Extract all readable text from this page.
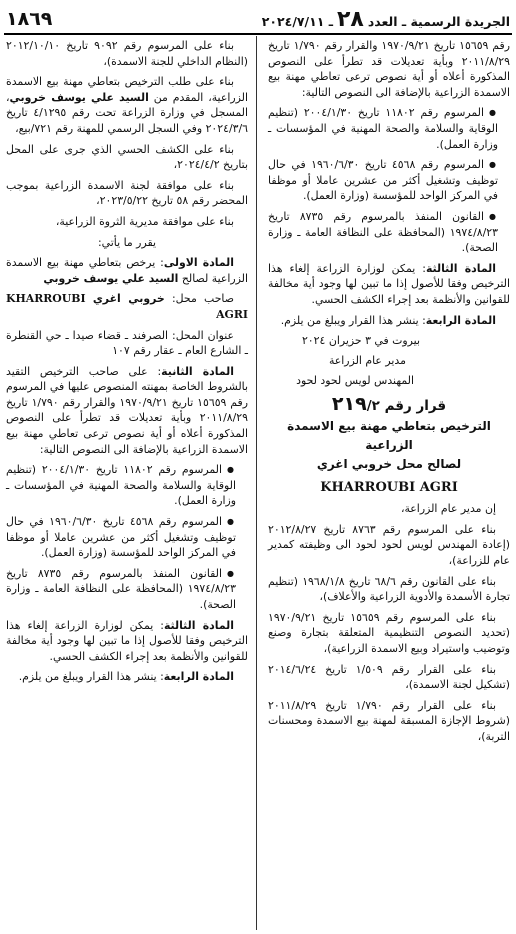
الجريدة الرسمية ـ العدد
٢٨
ـ ٢٠٢٤/٧/١١
١٨٦٩

رقم ١٥٦٥٩ تاريخ ١٩٧٠/٩/٢١ والقرار رقم ١/٧٩٠ تاريخ ٢٠١١/٨/٢٩ وبأية تعديلات قد تطرأ على النصوص المذكورة أعلاه أو أية نصوص ترعى تعاطي مهنة بيع الاسمدة الزراعية بالإضافة الى النصوص التالية:

● المرسوم رقم ١١٨٠٢ تاريخ ٢٠٠٤/١/٣٠ (تنظيم الوقاية والسلامة والصحة المهنية في المؤسسات ـ وزارة العمل).

● المرسوم رقم ٤٥٦٨ تاريخ ١٩٦٠/٦/٣٠ في حال توظيف وتشغيل أكثر من عشرين عاملا أو موظفا في المركز الواحد للمؤسسة (وزارة العمل).

● القانون المنفذ بالمرسوم رقم ٨٧٣٥ تاريخ ١٩٧٤/٨/٢٣ (المحافظة على النظافة العامة ـ وزارة الصحة).

المادة الثالثة: يمكن لوزارة الزراعة إلغاء هذا الترخيص وفقا للأصول إذا ما تبين لها وجود أية مخالفة للقوانين والأنظمة بعد إجراء الكشف الحسي.

المادة الرابعة: ينشر هذا القرار ويبلغ من يلزم.

بيروت في ٣ حزيران ٢٠٢٤

مدير عام الزراعة

المهندس لويس لحود لحود

قرار رقم ٢١٩/٢
الترخيص بتعاطي مهنة بيع الاسمدة الزراعية
لصالح محل خروبي اغري
KHARROUBI AGRI

إن مدير عام الزراعة،

بناء على المرسوم رقم ٨٧٦٣ تاريخ ٢٠١٢/٨/٢٧ (إعادة المهندس لويس لحود لحود الى وظيفته كمدير عام للزراعة)،

بناء على القانون رقم ٦٨/٦ تاريخ ١٩٦٨/١/٨ (تنظيم تجارة الأسمدة والأدوية الزراعية والأعلاف)،

بناء على المرسوم رقم ١٥٦٥٩ تاريخ ١٩٧٠/٩/٢١ (تحديد النصوص التنظيمية المتعلقة بتجارة وصنع وتوضيب واستيراد وبيع الاسمدة الزراعية)،

بناء على القرار رقم ١/٥٠٩ تاريخ ٢٠١٤/٦/٢٤ (تشكيل لجنة الاسمدة)،

بناء على القرار رقم ١/٧٩٠ تاريخ ٢٠١١/٨/٢٩ (شروط الإجازة المسبقة لمهنة بيع الاسمدة ومحسنات التربة)،

بناء على المرسوم رقم ٩٠٩٢ تاريخ ٢٠١٢/١٠/١٠ (النظام الداخلي للجنة الاسمدة)،

بناء على طلب الترخيص بتعاطي مهنة بيع الاسمدة الزراعية، المقدم من السيد علي يوسف خروبي، المسجل في وزارة الزراعة تحت رقم ٤/١٢٩٥ تاريخ ٢٠٢٤/٣/٦ وفي السجل الرسمي للمهنة رقم ٧٢١/بيع،

بناء على الكشف الحسي الذي جرى على المحل بتاريخ ٢٠٢٤/٤/٢،

بناء على موافقة لجنة الاسمدة الزراعية بموجب المحضر رقم ٥٨ تاريخ ٢٠٢٣/٥/٢٢،

بناء على موافقة مديرية الثروة الزراعية،

يقرر ما يأتي:

المادة الاولى: يرخص بتعاطي مهنة بيع الاسمدة الزراعية لصالح السيد علي يوسف خروبي

صاحب محل: خروبي اغري KHARROUBI AGRI

عنوان المحل: الصرفند ـ قضاء صيدا ـ حي القنطرة ـ الشارع العام ـ عقار رقم ١٠٧

المادة الثانية: على صاحب الترخيص التقيد بالشروط الخاصة بمهنته المنصوص عليها في المرسوم رقم ١٥٦٥٩ تاريخ ١٩٧٠/٩/٢١ والقرار رقم ١/٧٩٠ تاريخ ٢٠١١/٨/٢٩ وبأية تعديلات قد تطرأ على النصوص المذكورة أعلاه أو أية نصوص ترعى تعاطي مهنة بيع الاسمدة الزراعية بالإضافة الى النصوص التالية:

● المرسوم رقم ١١٨٠٢ تاريخ ٢٠٠٤/١/٣٠ (تنظيم الوقاية والسلامة والصحة المهنية في المؤسسات ـ وزارة العمل).

● المرسوم رقم ٤٥٦٨ تاريخ ١٩٦٠/٦/٣٠ في حال توظيف وتشغيل أكثر من عشرين عاملا أو موظفا في المركز الواحد للمؤسسة (وزارة العمل).

● القانون المنفذ بالمرسوم رقم ٨٧٣٥ تاريخ ١٩٧٤/٨/٢٣ (المحافظة على النظافة العامة ـ وزارة الصحة).

المادة الثالثة: يمكن لوزارة الزراعة إلغاء هذا الترخيص وفقا للأصول إذا ما تبين لها وجود أية مخالفة للقوانين والأنظمة بعد إجراء الكشف الحسي.

المادة الرابعة: ينشر هذا القرار ويبلغ من يلزم.
